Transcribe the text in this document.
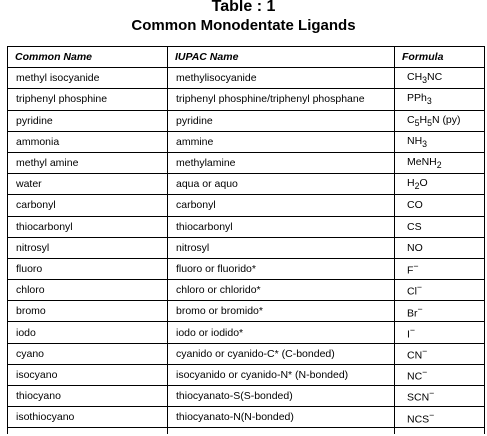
Table : 1
Common Monodentate Ligands
Common Name	IUPAC Name	Formula
methyl isocyanide	methylisocyanide	$CH_3NC$
triphenyl phosphine	triphenyl phosphine/triphenyl phosphane	PPh$_3$
pyridine	pyridine	$C_5H_5N$ (py)
ammonia	ammine	$NH_3$
methyl amine	methylamine	MeNH$_2$
water	aqua or aquo	$H_2O$
carbonyl	carbonyl	CO
thiocarbonyl	thiocarbonyl	CS
nitrosyl	nitrosyl	NO
fluoro	fluoro or fluorido*	F−
chloro	chloro or chlorido*	Cl−
bromo	bromo or bromido*	Br−
iodo	iodo or iodido*	I−
cyano	cyanido or cyanido-C* (C-bonded)	CN−
isocyano	isocyanido or cyanido-N* (N-bonded)	NC−
thiocyano	thiocyanato-S(S-bonded)	SCN−
isothiocyano	thiocyanato-N(N-bonded)	NCS−
